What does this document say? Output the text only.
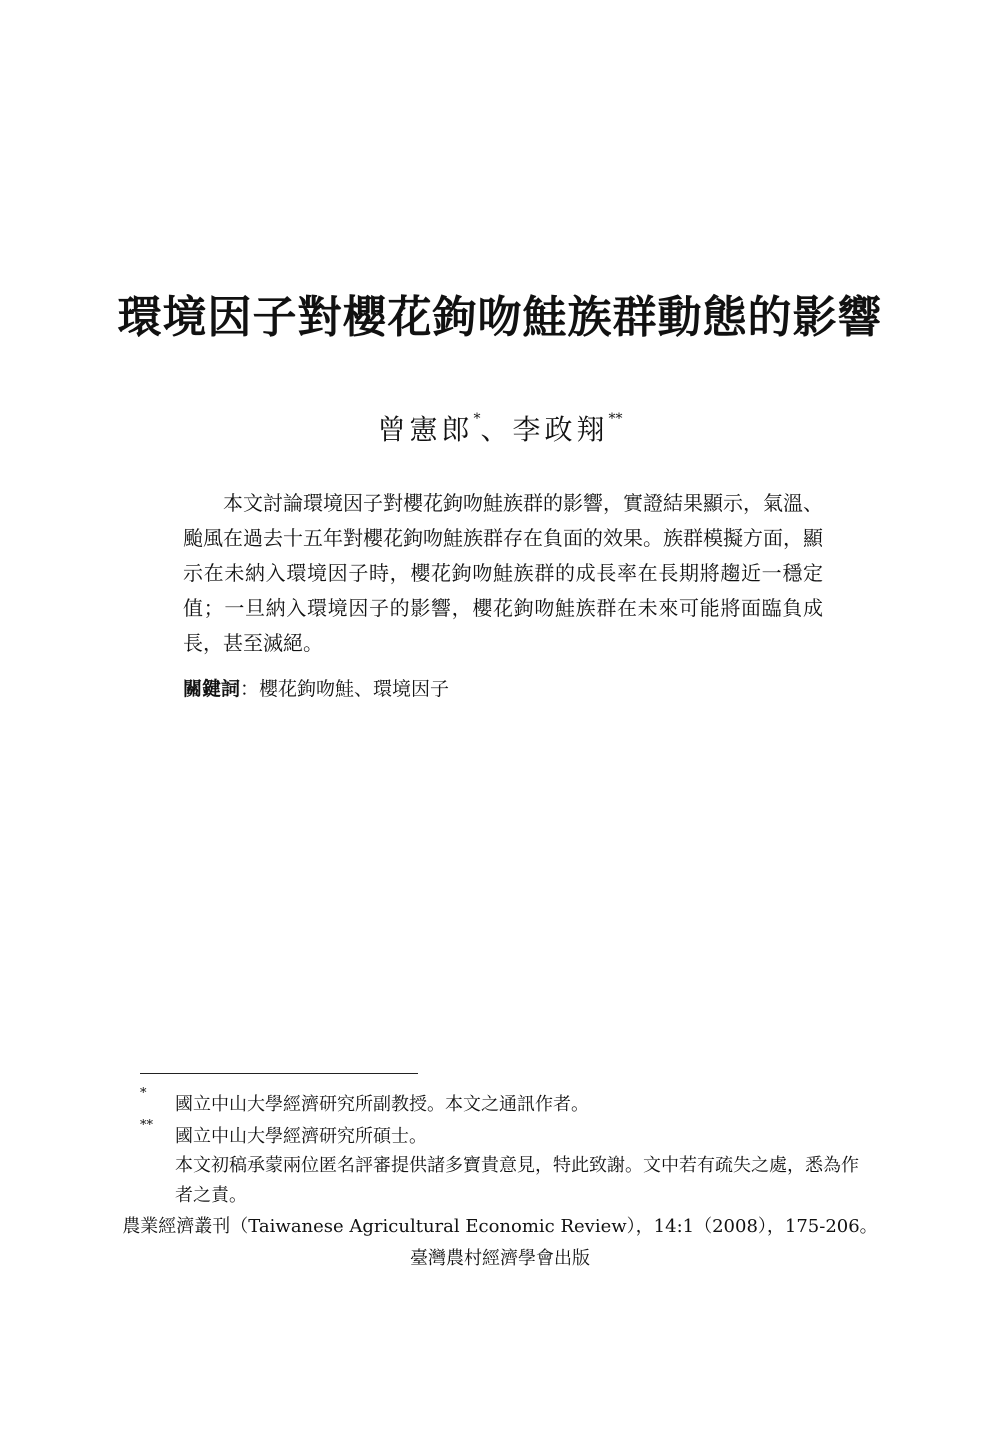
環境因子對櫻花鉤吻鮭族群動態的影響
曾憲郎*、李政翔**

本文討論環境因子對櫻花鉤吻鮭族群的影響，實證結果顯示，氣溫、颱風在過去十五年對櫻花鉤吻鮭族群存在負面的效果。族群模擬方面，顯示在未納入環境因子時，櫻花鉤吻鮭族群的成長率在長期將趨近一穩定值；一旦納入環境因子的影響，櫻花鉤吻鮭族群在未來可能將面臨負成長，甚至滅絕。

關鍵詞：櫻花鉤吻鮭、環境因子
*
國立中山大學經濟研究所副教授。本文之通訊作者。
**
國立中山大學經濟研究所碩士。
本文初稿承蒙兩位匿名評審提供諸多寶貴意見，特此致謝。文中若有疏失之處，悉為作者之責。
農業經濟叢刊（Taiwanese Agricultural Economic Review），14:1（2008），175-206。
臺灣農村經濟學會出版
